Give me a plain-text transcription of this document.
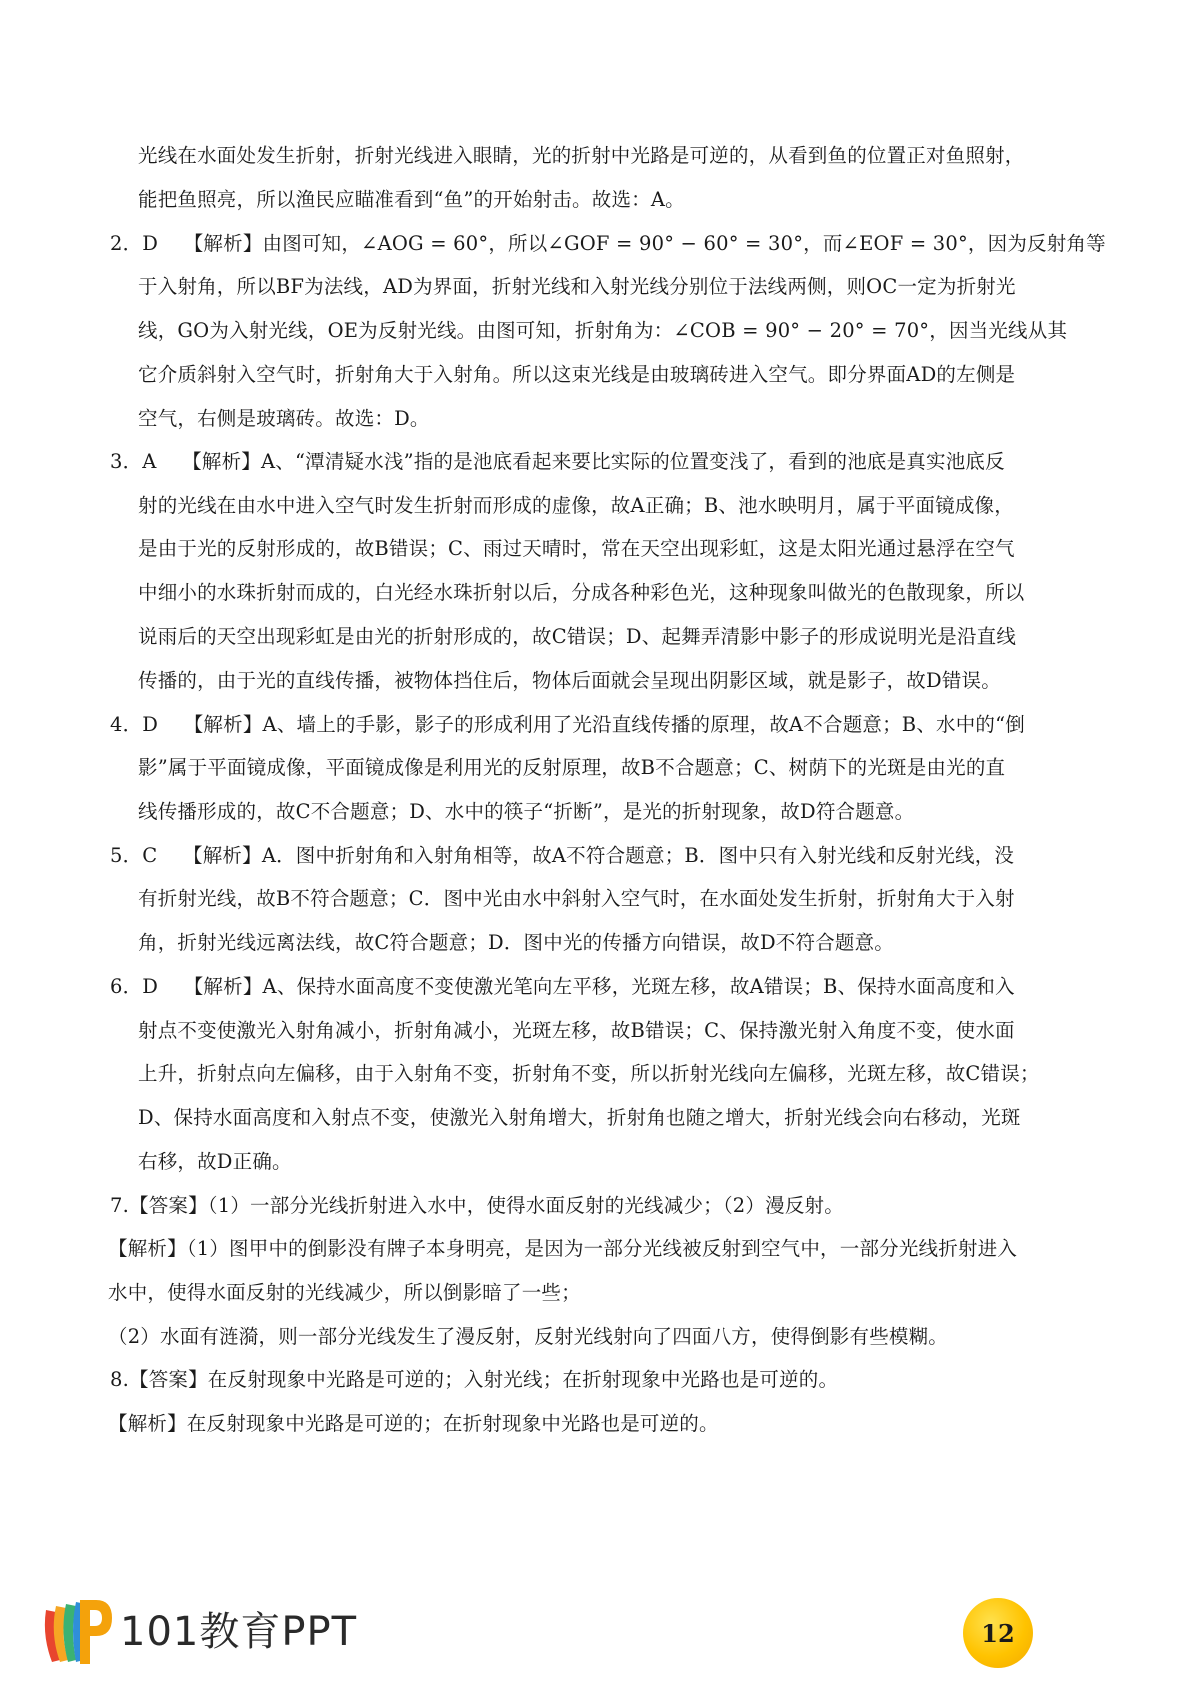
光线在水面处发生折射，折射光线进入眼睛，光的折射中光路是可逆的，从看到鱼的位置正对鱼照射，
能把鱼照亮，所以渔民应瞄准看到“鱼”的开始射击。故选：A。
2．D    【解析】由图可知，∠AOG = 60°，所以∠GOF = 90° − 60° = 30°，而∠EOF = 30°，因为反射角等
于入射角，所以BF为法线，AD为界面，折射光线和入射光线分别位于法线两侧，则OC一定为折射光
线，GO为入射光线，OE为反射光线。由图可知，折射角为：∠COB = 90° − 20° = 70°，因当光线从其
它介质斜射入空气时，折射角大于入射角。所以这束光线是由玻璃砖进入空气。即分界面AD的左侧是
空气，右侧是玻璃砖。故选：D。
3．A    【解析】A、“潭清疑水浅”指的是池底看起来要比实际的位置变浅了，看到的池底是真实池底反
射的光线在由水中进入空气时发生折射而形成的虚像，故A正确；B、池水映明月，属于平面镜成像，
是由于光的反射形成的，故B错误；C、雨过天晴时，常在天空出现彩虹，这是太阳光通过悬浮在空气
中细小的水珠折射而成的，白光经水珠折射以后，分成各种彩色光，这种现象叫做光的色散现象，所以
说雨后的天空出现彩虹是由光的折射形成的，故C错误；D、起舞弄清影中影子的形成说明光是沿直线
传播的，由于光的直线传播，被物体挡住后，物体后面就会呈现出阴影区域，就是影子，故D错误。
4．D    【解析】A、墙上的手影，影子的形成利用了光沿直线传播的原理，故A不合题意；B、水中的“倒
影”属于平面镜成像，平面镜成像是利用光的反射原理，故B不合题意；C、树荫下的光斑是由光的直
线传播形成的，故C不合题意；D、水中的筷子“折断”，是光的折射现象，故D符合题意。
5．C    【解析】A．图中折射角和入射角相等，故A不符合题意；B．图中只有入射光线和反射光线，没
有折射光线，故B不符合题意；C．图中光由水中斜射入空气时，在水面处发生折射，折射角大于入射
角，折射光线远离法线，故C符合题意；D．图中光的传播方向错误，故D不符合题意。
6．D    【解析】A、保持水面高度不变使激光笔向左平移，光斑左移，故A错误；B、保持水面高度和入
射点不变使激光入射角减小，折射角减小，光斑左移，故B错误；C、保持激光射入角度不变，使水面
上升，折射点向左偏移，由于入射角不变，折射角不变，所以折射光线向左偏移，光斑左移，故C错误；
D、保持水面高度和入射点不变，使激光入射角增大，折射角也随之增大，折射光线会向右移动，光斑
右移，故D正确。
7.【答案】（1）一部分光线折射进入水中，使得水面反射的光线减少；（2）漫反射。
【解析】（1）图甲中的倒影没有牌子本身明亮，是因为一部分光线被反射到空气中，一部分光线折射进入
水中，使得水面反射的光线减少，所以倒影暗了一些；
（2）水面有涟漪，则一部分光线发生了漫反射，反射光线射向了四面八方，使得倒影有些模糊。
8.【答案】在反射现象中光路是可逆的；入射光线；在折射现象中光路也是可逆的。
【解析】在反射现象中光路是可逆的；在折射现象中光路也是可逆的。
101教育PPT	12
